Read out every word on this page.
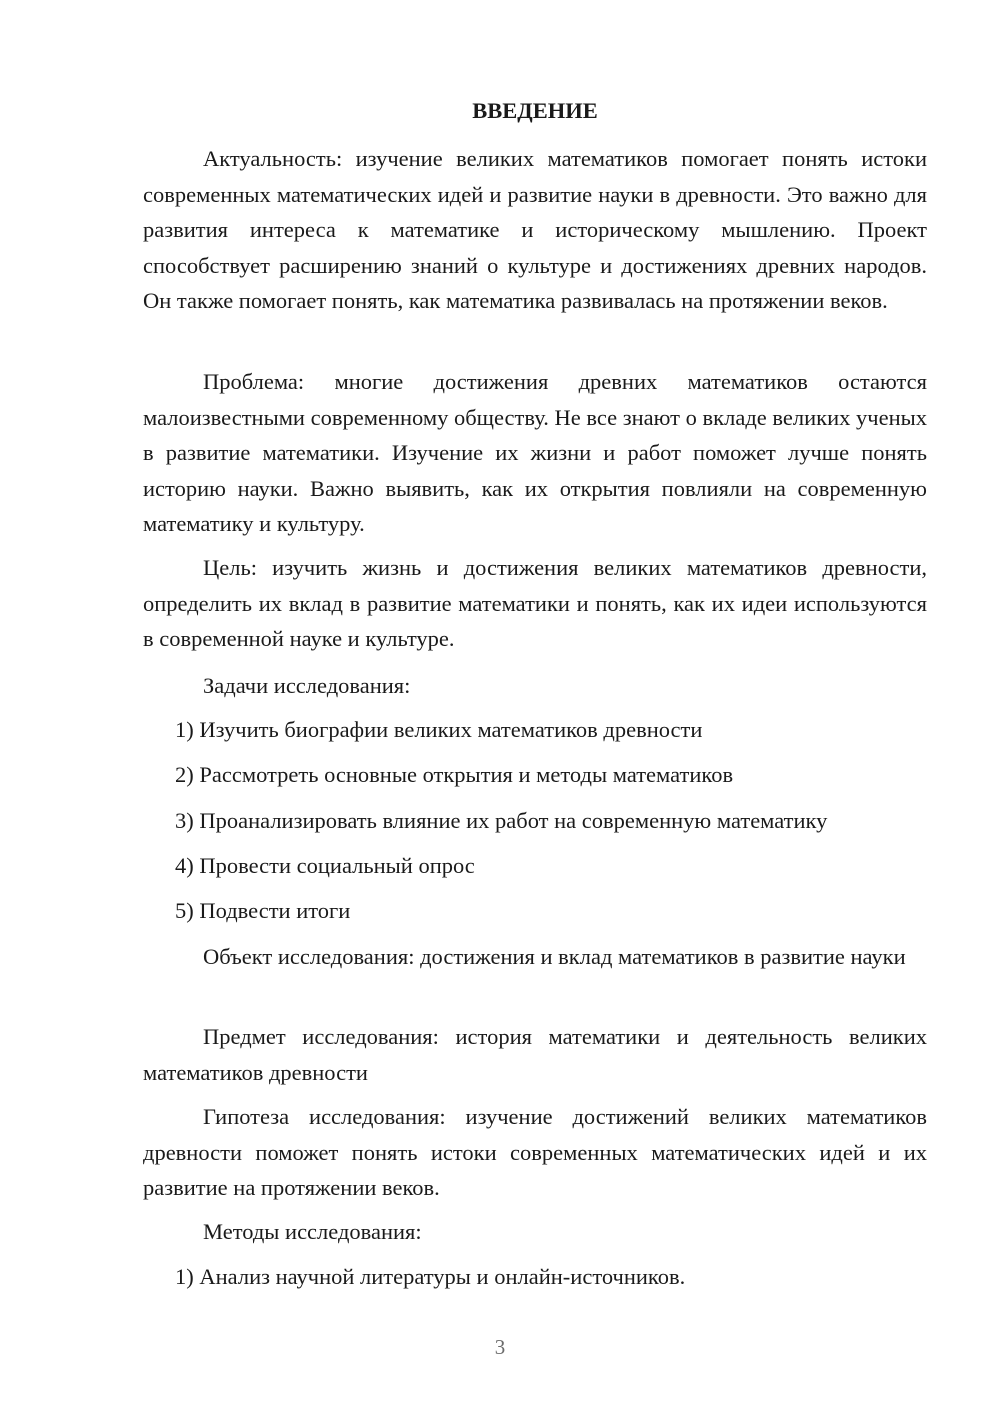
ВВЕДЕНИЕ
Актуальность: изучение великих математиков помогает понять истоки современных математических идей и развитие науки в древности. Это важно для развития интереса к математике и историческому мышлению. Проект способствует расширению знаний о культуре и достижениях древних народов. Он также помогает понять, как математика развивалась на протяжении веков.
Проблема: многие достижения древних математиков остаются малоизвестными современному обществу. Не все знают о вкладе великих ученых в развитие математики. Изучение их жизни и работ поможет лучше понять историю науки. Важно выявить, как их открытия повлияли на современную математику и культуру.
Цель: изучить жизнь и достижения великих математиков древности, определить их вклад в развитие математики и понять, как их идеи используются в современной науке и культуре.
Задачи исследования:
1) Изучить биографии великих математиков древности
2) Рассмотреть основные открытия и методы математиков
3) Проанализировать влияние их работ на современную математику
4) Провести социальный опрос
5) Подвести итоги
Объект исследования: достижения и вклад математиков в развитие науки
Предмет исследования: история математики и деятельность великих математиков древности
Гипотеза исследования: изучение достижений великих математиков древности поможет понять истоки современных математических идей и их развитие на протяжении веков.
Методы исследования:
1) Анализ научной литературы и онлайн-источников.
3
